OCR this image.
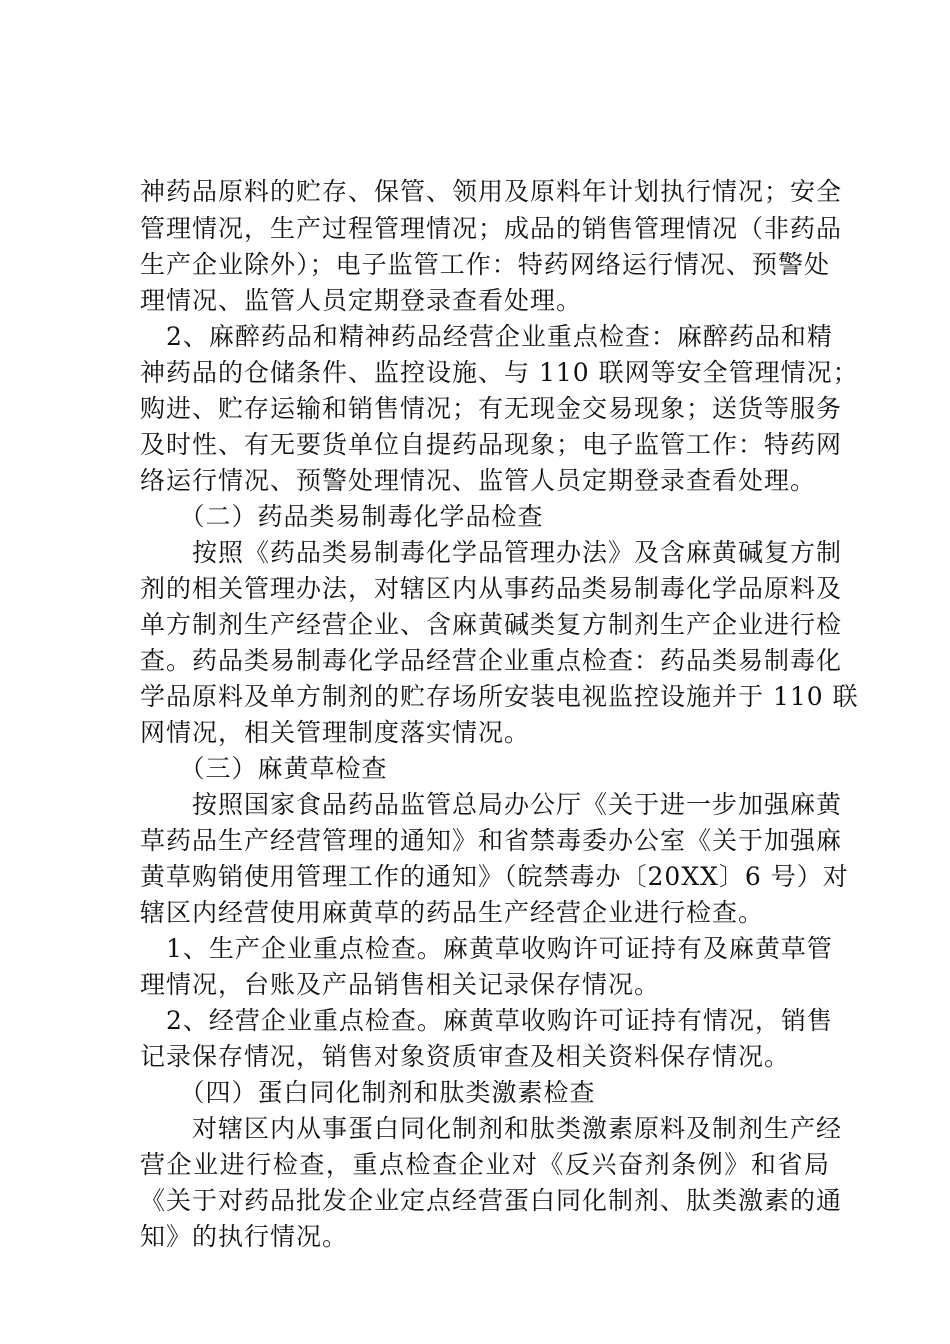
神药品原料的贮存、保管、领用及原料年计划执行情况；安全
管理情况，生产过程管理情况；成品的销售管理情况（非药品
生产企业除外）；电子监管工作：特药网络运行情况、预警处
理情况、监管人员定期登录查看处理。
　2、麻醉药品和精神药品经营企业重点检查：麻醉药品和精
神药品的仓储条件、监控设施、与 110 联网等安全管理情况；
购进、贮存运输和销售情况；有无现金交易现象；送货等服务
及时性、有无要货单位自提药品现象；电子监管工作：特药网
络运行情况、预警处理情况、监管人员定期登录查看处理。
　　（二）药品类易制毒化学品检查
　　按照《药品类易制毒化学品管理办法》及含麻黄碱复方制
剂的相关管理办法，对辖区内从事药品类易制毒化学品原料及
单方制剂生产经营企业、含麻黄碱类复方制剂生产企业进行检
查。药品类易制毒化学品经营企业重点检查：药品类易制毒化
学品原料及单方制剂的贮存场所安装电视监控设施并于 110 联
网情况，相关管理制度落实情况。
　　（三）麻黄草检查
　　按照国家食品药品监管总局办公厅《关于进一步加强麻黄
草药品生产经营管理的通知》和省禁毒委办公室《关于加强麻
黄草购销使用管理工作的通知》（皖禁毒办〔20XX〕6 号）对
辖区内经营使用麻黄草的药品生产经营企业进行检查。
　1、生产企业重点检查。麻黄草收购许可证持有及麻黄草管
理情况，台账及产品销售相关记录保存情况。
　2、经营企业重点检查。麻黄草收购许可证持有情况，销售
记录保存情况，销售对象资质审查及相关资料保存情况。
　　（四）蛋白同化制剂和肽类激素检查
　　对辖区内从事蛋白同化制剂和肽类激素原料及制剂生产经
营企业进行检查，重点检查企业对《反兴奋剂条例》和省局
《关于对药品批发企业定点经营蛋白同化制剂、肽类激素的通
知》的执行情况。
